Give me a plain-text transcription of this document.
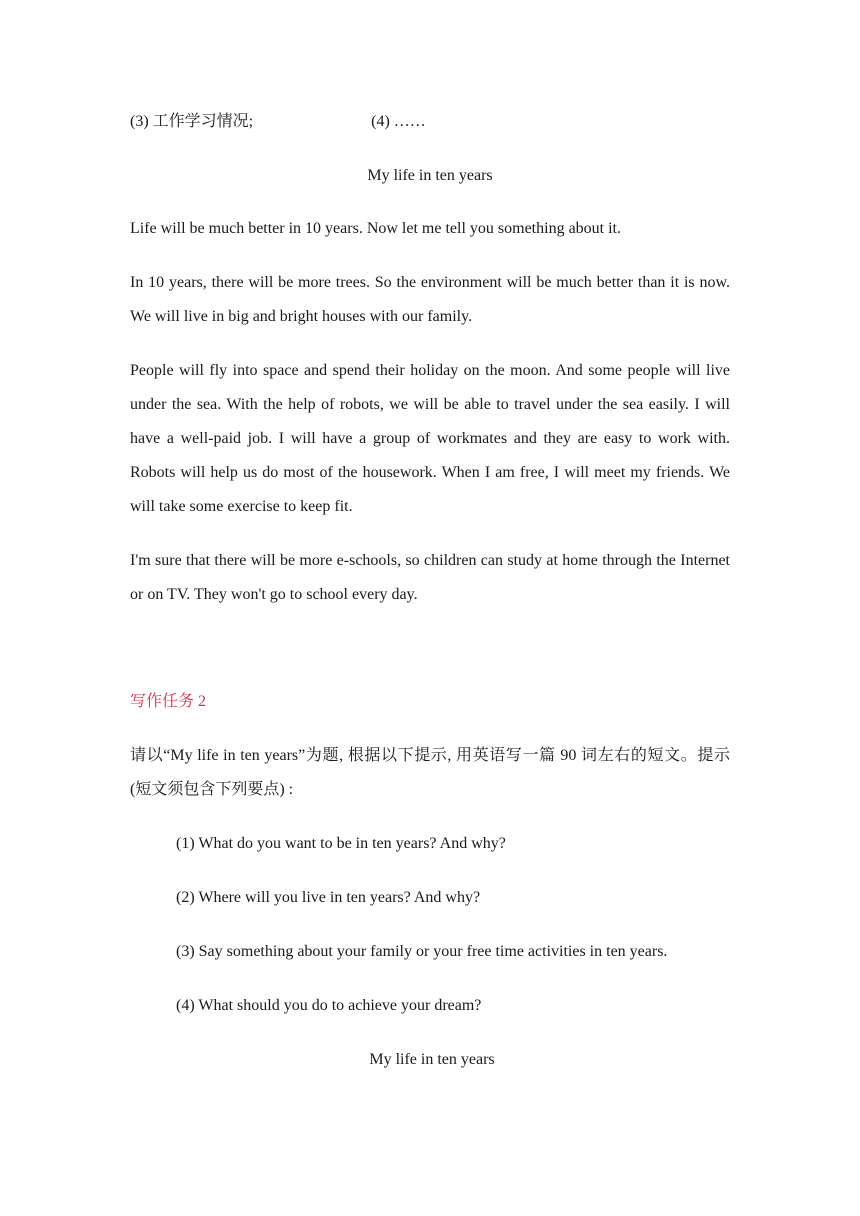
(3) 工作学习情况;	(4) ……
My life in ten years
Life will be much better in 10 years. Now let me tell you something about it.
In 10 years, there will be more trees. So the environment will be much better than it is now. We will live in big and bright houses with our family.
People will fly into space and spend their holiday on the moon. And some people will live under the sea. With the help of robots, we will be able to travel under the sea easily. I will have a well-paid job. I will have a group of workmates and they are easy to work with. Robots will help us do most of the housework. When I am free, I will meet my friends. We will take some exercise to keep fit.
I'm sure that there will be more e-schools, so children can study at home through the Internet or on TV. They won't go to school every day.
写作任务 2
请以“My life in ten years”为题, 根据以下提示, 用英语写一篇 90 词左右的短文。提示 (短文须包含下列要点) :
(1) What do you want to be in ten years? And why?
(2) Where will you live in ten years? And why?
(3) Say something about your family or your free time activities in ten years.
(4) What should you do to achieve your dream?
My life in ten years
